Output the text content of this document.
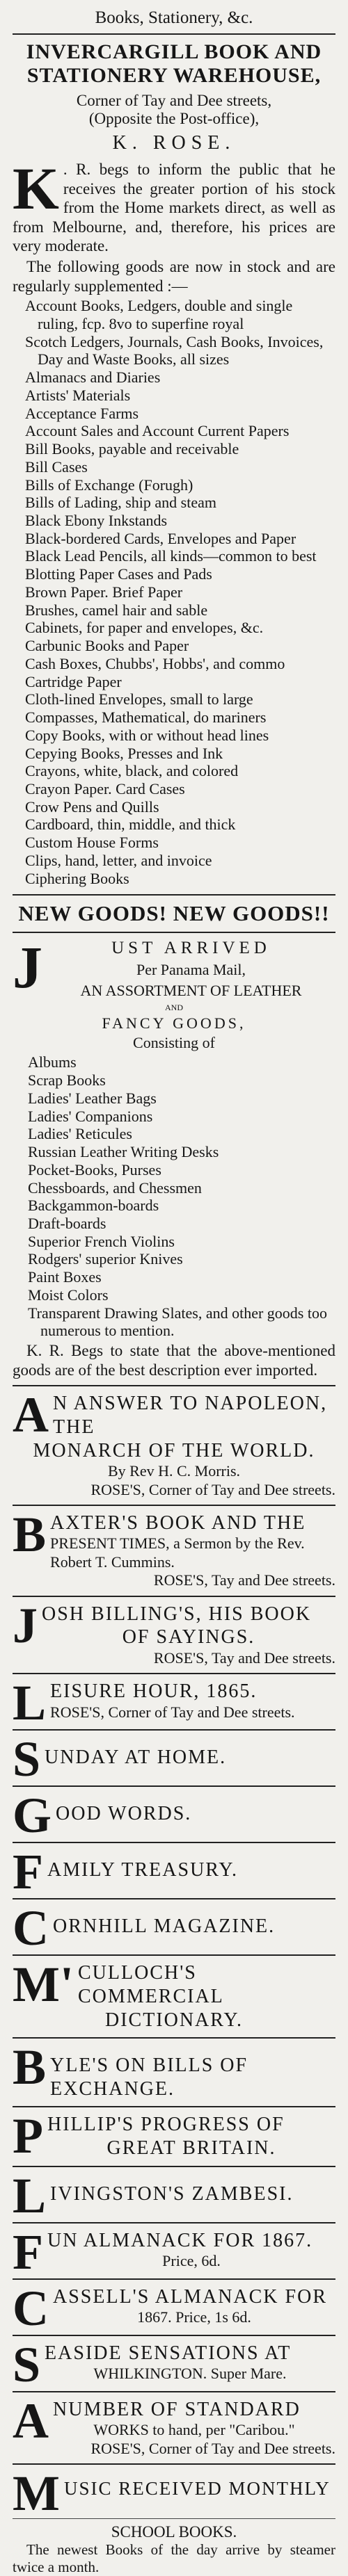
Books, Stationery, &c.
INVERCARGILL BOOK AND
STATIONERY WAREHOUSE,
Corner of Tay and Dee streets,
(Opposite the Post-office),
K. ROSE.
K . R. begs to inform the public that he receives the greater portion of his stock from the Home markets direct, as well as from Melbourne, and, therefore, his prices are very moderate.

The following goods are now in stock and are regularly supplemented :—

Account Books, Ledgers, double and single ruling, fcp. 8vo to superfine royal
Scotch Ledgers, Journals, Cash Books, Invoices, Day and Waste Books, all sizes
Almanacs and Diaries
Artists' Materials
Acceptance Farms
Account Sales and Account Current Papers
Bill Books, payable and receivable
Bill Cases
Bills of Exchange (Forugh)
Bills of Lading, ship and steam
Black Ebony Inkstands
Black-bordered Cards, Envelopes and Paper
Black Lead Pencils, all kinds—common to best
Blotting Paper Cases and Pads
Brown Paper. Brief Paper
Brushes, camel hair and sable
Cabinets, for paper and envelopes, &c.
Carbunic Books and Paper
Cash Boxes, Chubbs', Hobbs', and commo
Cartridge Paper
Cloth-lined Envelopes, small to large
Compasses, Mathematical, do mariners
Copy Books, with or without head lines
Cepying Books, Presses and Ink
Crayons, white, black, and colored
Crayon Paper. Card Cases
Crow Pens and Quills
Cardboard, thin, middle, and thick
Custom House Forms
Clips, hand, letter, and invoice
Ciphering Books
NEW GOODS! NEW GOODS!!
J	UST ARRIVED
Per Panama Mail,
AN ASSORTMENT OF LEATHER
AND
FANCY GOODS,
Consisting of
Albums
Scrap Books
Ladies' Leather Bags
Ladies' Companions
Ladies' Reticules
Russian Leather Writing Desks
Pocket-Books, Purses
Chessboards, and Chessmen
Backgammon-boards
Draft-boards
Superior French Violins
Rodgers' superior Knives
Paint Boxes
Moist Colors
Transparent Drawing Slates, and other goods too numerous to mention.

K. R. Begs to state that the above-mentioned goods are of the best description ever imported.

A N ANSWER TO NAPOLEON, THE
MONARCH OF THE WORLD.
By Rev H. C. Morris.
ROSE'S, Corner of Tay and Dee streets.
B AXTER'S BOOK AND THE
PRESENT TIMES, a Sermon by the Rev.
Robert T. Cummins.
ROSE'S, Tay and Dee streets.
J OSH BILLING'S, HIS BOOK
OF SAYINGS.
ROSE'S, Tay and Dee streets.
L EISURE HOUR, 1865.
ROSE'S, Corner of Tay and Dee streets.
S UNDAY AT HOME.
G OOD WORDS.
F AMILY TREASURY.
C ORNHILL MAGAZINE.
M' CULLOCH'S COMMERCIAL
DICTIONARY.
B YLE'S ON BILLS OF EXCHANGE.
P HILLIP'S PROGRESS OF
GREAT BRITAIN.
L IVINGSTON'S ZAMBESI.
F UN ALMANACK FOR 1867.
Price, 6d.
C ASSELL'S ALMANACK FOR
1867. Price, 1s 6d.
S EASIDE SENSATIONS AT
WHILKINGTON. Super Mare.
A NUMBER OF STANDARD
WORKS to hand, per "Caribou."
ROSE'S, Corner of Tay and Dee streets.
M USIC RECEIVED MONTHLY
SCHOOL BOOKS.

The newest Books of the day arrive by steamer twice a month.
